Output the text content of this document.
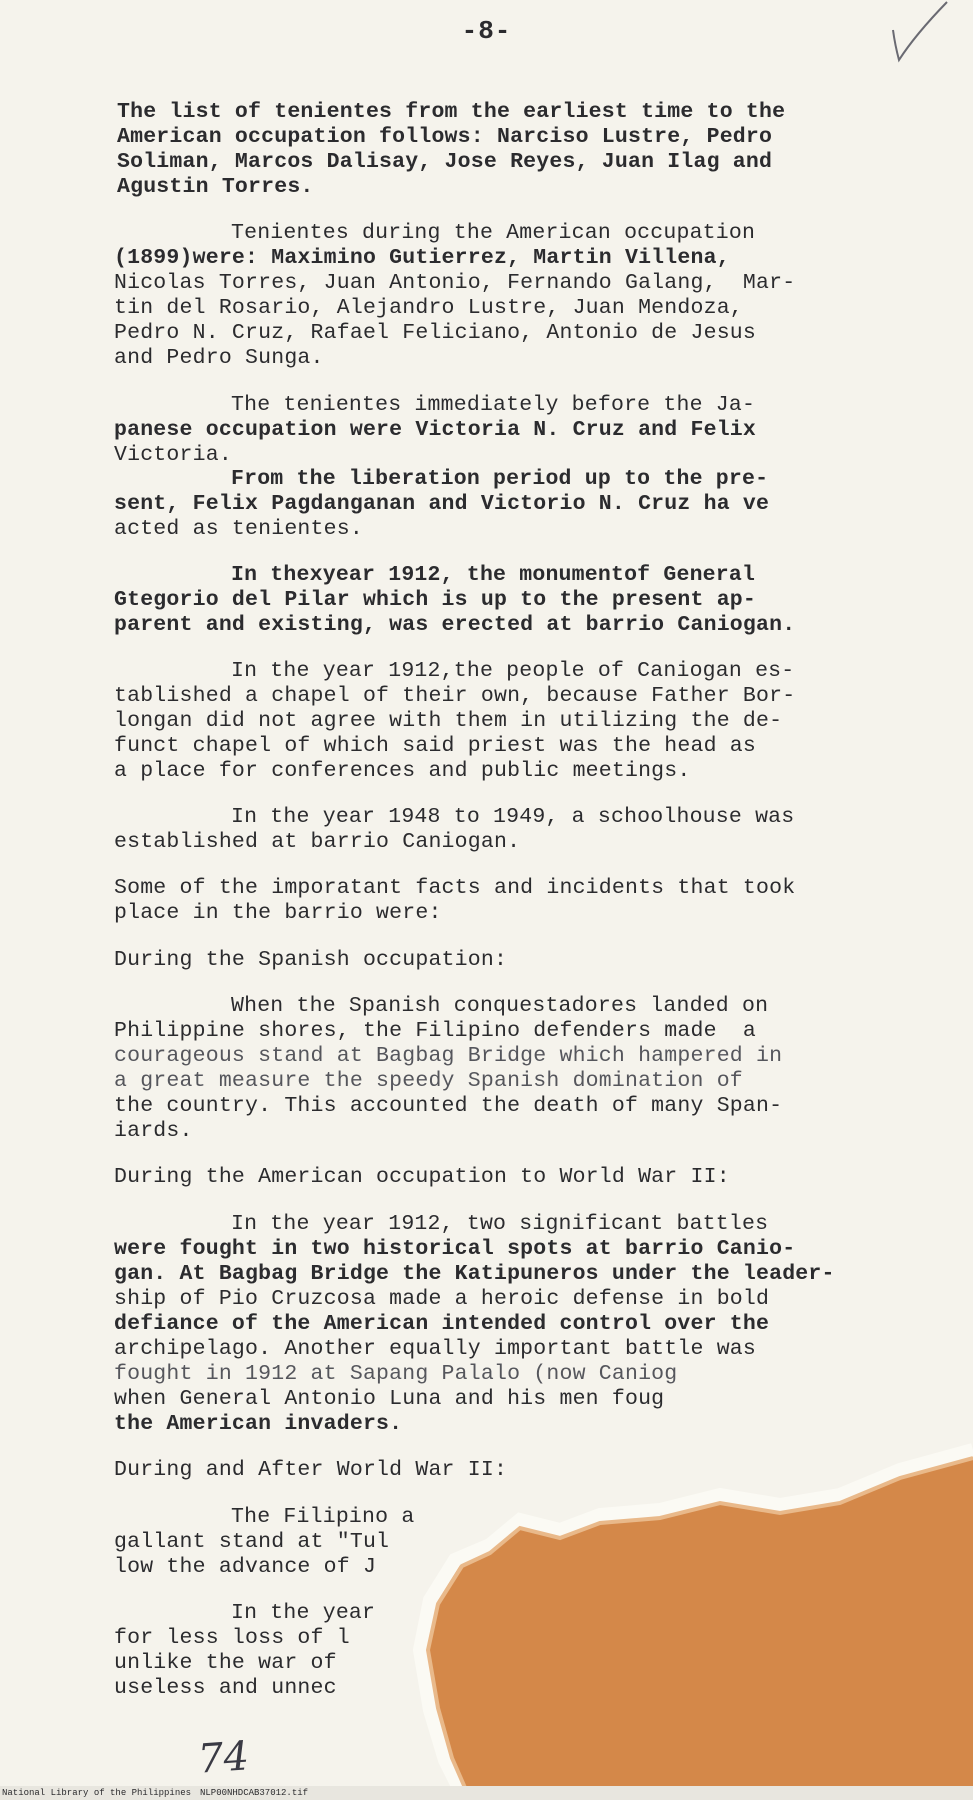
-8-
The list of tenientes from the earliest time to the
American occupation follows: Narciso Lustre, Pedro
Soliman, Marcos Dalisay, Jose Reyes, Juan Ilag and
Agustin Torres.
Tenientes during the American occupation
(1899)were: Maximino Gutierrez, Martin Villena,
Nicolas Torres, Juan Antonio, Fernando Galang,  Mar-
tin del Rosario, Alejandro Lustre, Juan Mendoza,
Pedro N. Cruz, Rafael Feliciano, Antonio de Jesus
and Pedro Sunga.
The tenientes immediately before the Ja-
panese occupation were Victoria N. Cruz and Felix
Victoria.
From the liberation period up to the pre-
sent, Felix Pagdanganan and Victorio N. Cruz ha ve
acted as tenientes.
In thexyear 1912, the monumentof General
Gtegorio del Pilar which is up to the present ap-
parent and existing, was erected at barrio Caniogan.
In the year 1912,the people of Caniogan es-
tablished a chapel of their own, because Father Bor-
longan did not agree with them in utilizing the de-
funct chapel of which said priest was the head as
a place for conferences and public meetings.
In the year 1948 to 1949, a schoolhouse was
established at barrio Caniogan.
Some of the imporatant facts and incidents that took
place in the barrio were:
During the Spanish occupation:
When the Spanish conquestadores landed on
Philippine shores, the Filipino defenders made  a
courageous stand at Bagbag Bridge which hampered in
a great measure the speedy Spanish domination of
the country. This accounted the death of many Span-
iards.
During the American occupation to World War II:
In the year 1912, two significant battles
were fought in two historical spots at barrio Canio-
gan. At Bagbag Bridge the Katipuneros under the leader-
ship of Pio Cruzcosa made a heroic defense in bold
defiance of the American intended control over the
archipelago. Another equally important battle was
fought in 1912 at Sapang Palalo (now Caniog
when General Antonio Luna and his men foug
the American invaders.
During and After World War II:
The Filipino a
gallant stand at "Tul
low the advance of J
In the year
for less loss of l
unlike the war of
useless and unnec
74
National Library of the Philippines NLP00NHDCAB37012.tif
